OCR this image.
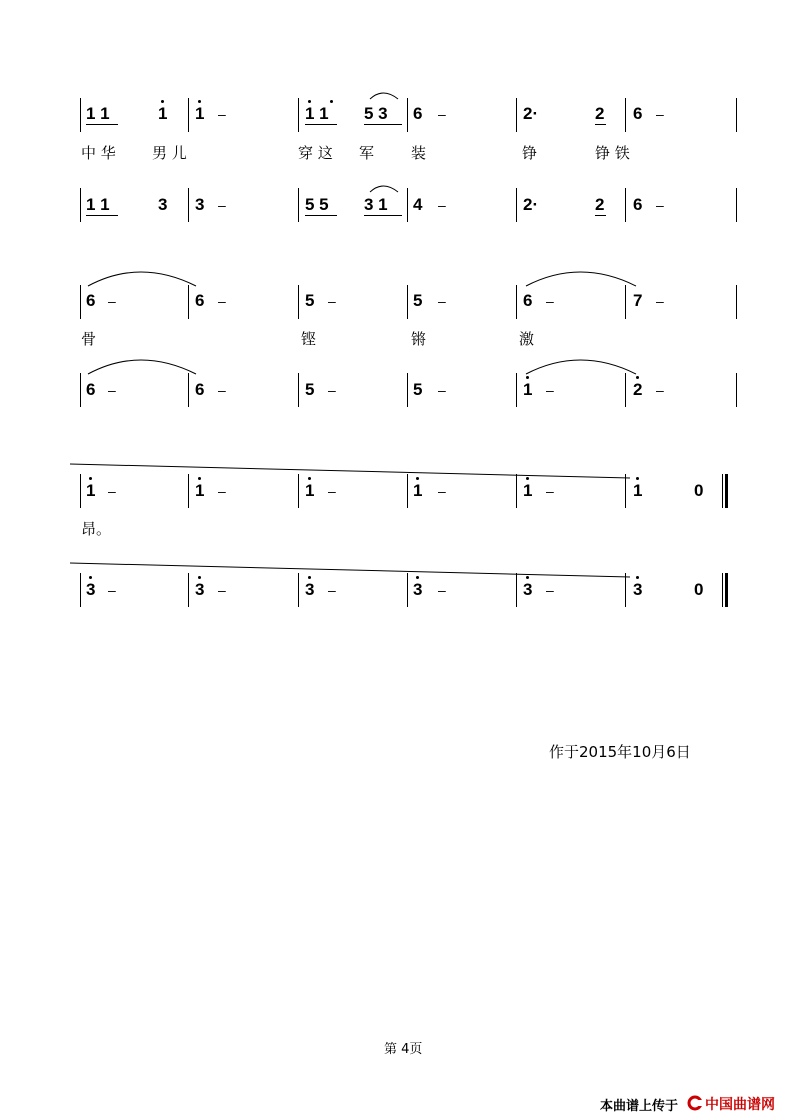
1 1	1 1 –	1 1 5 3 6 –	2·	2 6 –
中 华 男 儿	穿 这 军 装	铮	铮 铁
1 1	3 3 –	5 5 3 1 4 –	2·	2 6 –
6 –	6 –	5 –	5 –	6 –	7 –
骨	铿	锵	激
6 –	6 –	5 –	5 –	1 –	2 –
1 –	1 –	1 –	1 –	1 –	1	0
昂。
3 –	3 –	3 –	3 –	3 –	3	0
作于2015年10月6日
第 4页
本曲谱上传于 中国曲谱网
